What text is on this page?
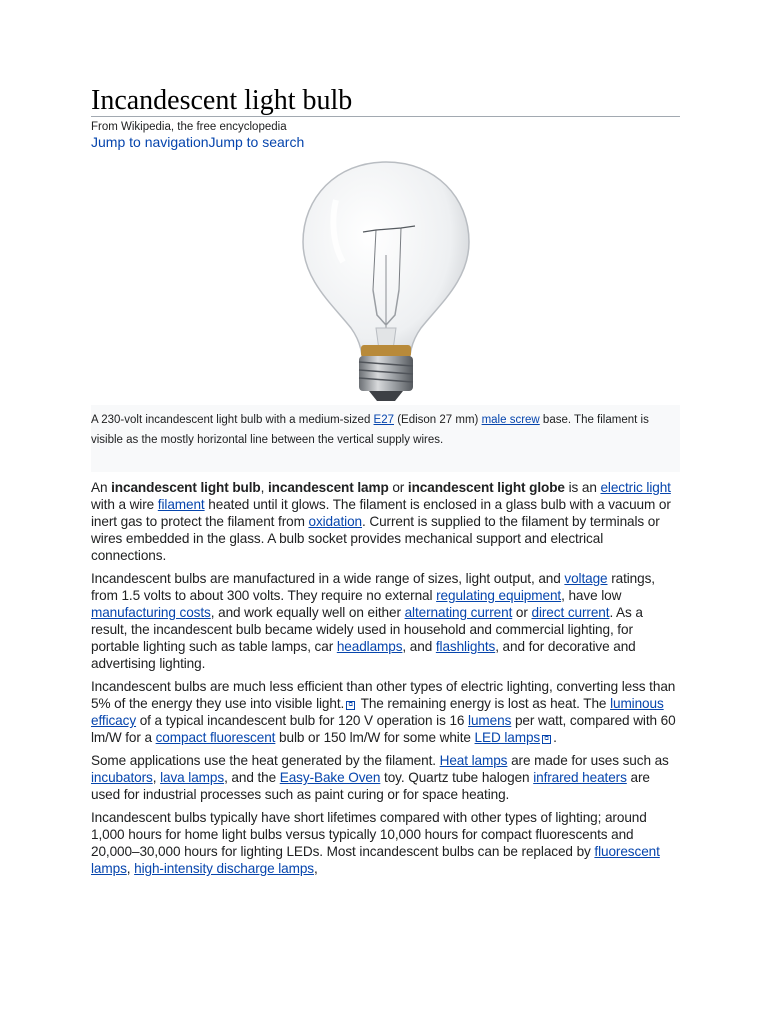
Incandescent light bulb
From Wikipedia, the free encyclopedia
Jump to navigationJump to search

A 230-volt incandescent light bulb with a medium-sized E27 (Edison 27 mm) male screw base. The filament is visible as the mostly horizontal line between the vertical supply wires.

An incandescent light bulb, incandescent lamp or incandescent light globe is an electric light with a wire filament heated until it glows. The filament is enclosed in a glass bulb with a vacuum or inert gas to protect the filament from oxidation. Current is supplied to the filament by terminals or wires embedded in the glass. A bulb socket provides mechanical support and electrical connections.

Incandescent bulbs are manufactured in a wide range of sizes, light output, and voltage ratings, from 1.5 volts to about 300 volts. They require no external regulating equipment, have low manufacturing costs, and work equally well on either alternating current or direct current. As a result, the incandescent bulb became widely used in household and commercial lighting, for portable lighting such as table lamps, car headlamps, and flashlights, and for decorative and advertising lighting.

Incandescent bulbs are much less efficient than other types of electric lighting, converting less than 5% of the energy they use into visible light. ⧉ The remaining energy is lost as heat. The luminous efficacy of a typical incandescent bulb for 120 V operation is 16 lumens per watt, compared with 60 lm/W for a compact fluorescent bulb or 150 lm/W for some white LED lamps ⧉ .

Some applications use the heat generated by the filament. Heat lamps are made for uses such as incubators, lava lamps, and the Easy-Bake Oven toy. Quartz tube halogen infrared heaters are used for industrial processes such as paint curing or for space heating.

Incandescent bulbs typically have short lifetimes compared with other types of lighting; around 1,000 hours for home light bulbs versus typically 10,000 hours for compact fluorescents and 20,000–30,000 hours for lighting LEDs. Most incandescent bulbs can be replaced by fluorescent lamps, high-intensity discharge lamps,
